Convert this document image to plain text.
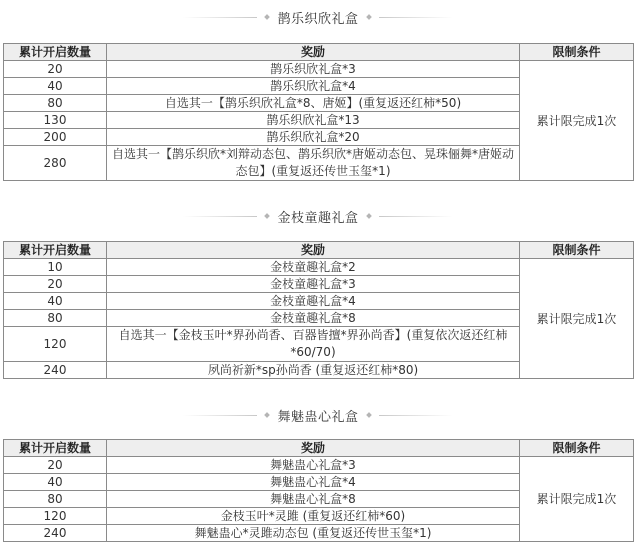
鹊乐织欣礼盒
累计开启数量	奖励	限制条件
20	鹊乐织欣礼盒*3	累计限完成1次
40	鹊乐织欣礼盒*4	
80	自选其一【鹊乐织欣礼盒*8、唐姬】(重复返还红柿*50)	
130	鹊乐织欣礼盒*13	
200	鹊乐织欣礼盒*20	
280	自选其一【鹊乐织欣*刘辩动态包、鹊乐织欣*唐姬动态包、晃珠俪舞*唐姬动态包】(重复返还传世玉玺*1)	
金枝童趣礼盒
累计开启数量	奖励	限制条件
10	金枝童趣礼盒*2	累计限完成1次
20	金枝童趣礼盒*3	
40	金枝童趣礼盒*4	
80	金枝童趣礼盒*8	
120	自选其一【金枝玉叶*界孙尚香、百器皆擅*界孙尚香】(重复依次返还红柿*60/70)	
240	夙尚祈新*sp孙尚香 (重复返还红柿*80)	
舞魅蛊心礼盒
累计开启数量	奖励	限制条件
20	舞魅蛊心礼盒*3	累计限完成1次
40	舞魅蛊心礼盒*4	
80	舞魅蛊心礼盒*8	
120	金枝玉叶*灵雎 (重复返还红柿*60)	
240	舞魅蛊心*灵雎动态包 (重复返还传世玉玺*1)	
